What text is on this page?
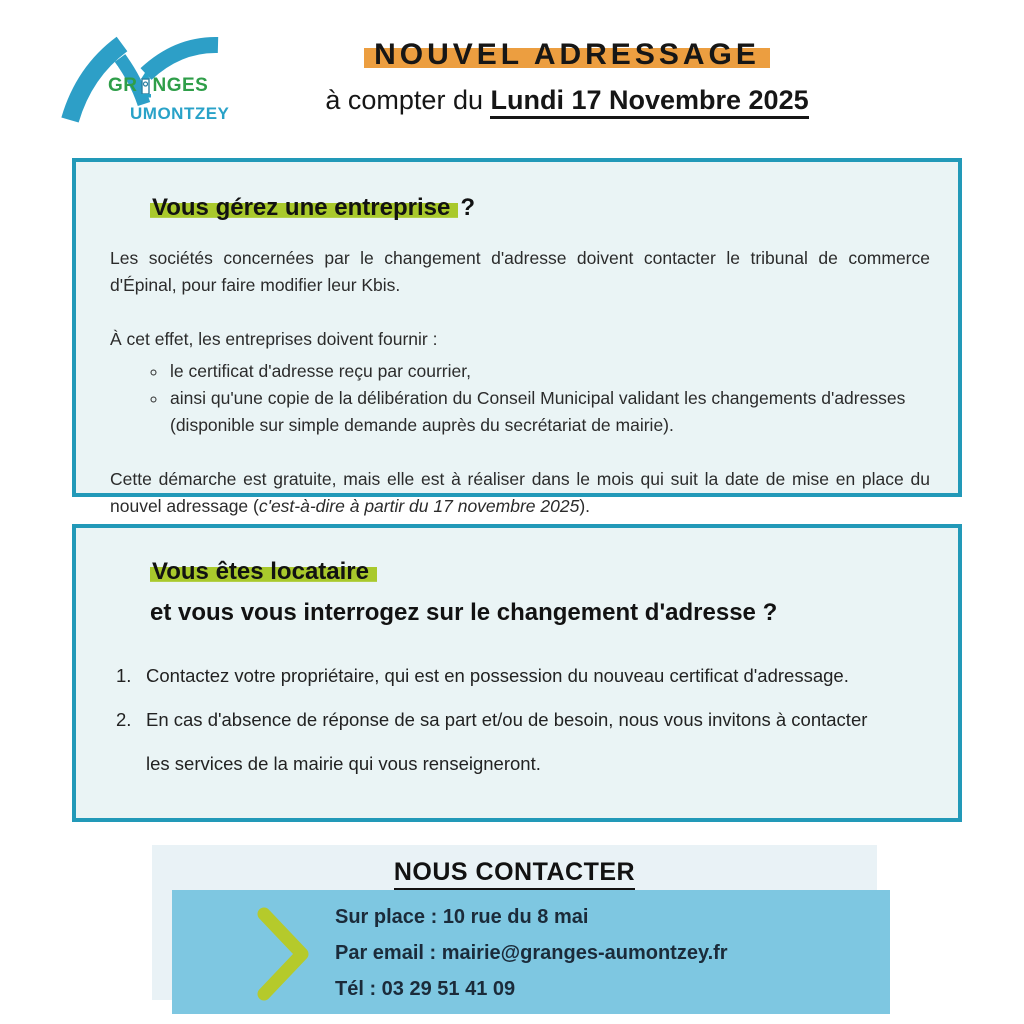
GR NGES
UMONTZEY
NOUVEL ADRESSAGE
à compter du Lundi 17 Novembre 2025
Vous gérez une entreprise ?

Les sociétés concernées par le changement d'adresse doivent contacter le tribunal de commerce d'Épinal, pour faire modifier leur Kbis.

À cet effet, les entreprises doivent fournir :

◦ le certificat d'adresse reçu par courrier,
◦ ainsi qu'une copie de la délibération du Conseil Municipal validant les changements d'adresses (disponible sur simple demande auprès du secrétariat de mairie).

Cette démarche est gratuite, mais elle est à réaliser dans le mois qui suit la date de mise en place du nouvel adressage (c'est-à-dire à partir du 17 novembre 2025).

Vous êtes locataire
et vous vous interrogez sur le changement d'adresse ?
1. Contactez votre propriétaire, qui est en possession du nouveau certificat d'adressage.
2. En cas d'absence de réponse de sa part et/ou de besoin, nous vous invitons à contacter
les services de la mairie qui vous renseigneront.
NOUS CONTACTER
Sur place : 10 rue du 8 mai
Par email : mairie@granges-aumontzey.fr
Tél : 03 29 51 41 09
